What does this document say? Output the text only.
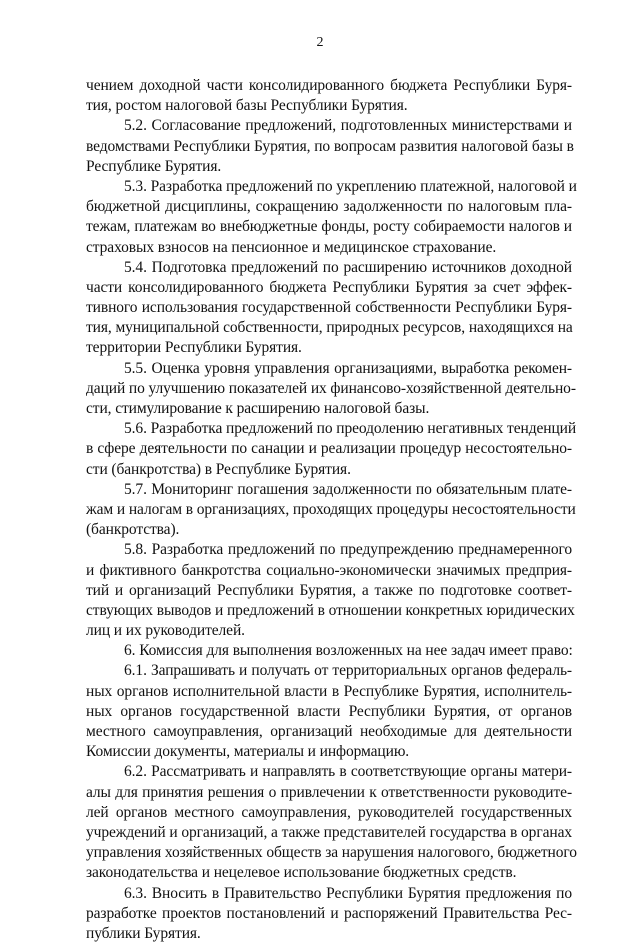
2
чением доходной части консолидированного бюджета Республики Буря-
тия, ростом налоговой базы Республики Бурятия.
5.2. Согласование предложений, подготовленных министерствами и
ведомствами Республики Бурятия, по вопросам развития налоговой базы в
Республике Бурятия.
5.3. Разработка предложений по укреплению платежной, налоговой и
бюджетной дисциплины, сокращению задолженности по налоговым пла-
тежам, платежам во внебюджетные фонды, росту собираемости налогов и
страховых взносов на пенсионное и медицинское страхование.
5.4. Подготовка предложений по расширению источников доходной
части консолидированного бюджета Республики Бурятия за счет эффек-
тивного использования государственной собственности Республики Буря-
тия, муниципальной собственности, природных ресурсов, находящихся на
территории Республики Бурятия.
5.5. Оценка уровня управления организациями, выработка рекомен-
даций по улучшению показателей их финансово-хозяйственной деятельно-
сти, стимулирование к расширению налоговой базы.
5.6. Разработка предложений по преодолению негативных тенденций
в сфере деятельности по санации и реализации процедур несостоятельно-
сти (банкротства) в Республике Бурятия.
5.7. Мониторинг погашения задолженности по обязательным плате-
жам и налогам в организациях, проходящих процедуры несостоятельности
(банкротства).
5.8. Разработка предложений по предупреждению преднамеренного
и фиктивного банкротства социально-экономически значимых предприя-
тий и организаций Республики Бурятия, а также по подготовке соответ-
ствующих выводов и предложений в отношении конкретных юридических
лиц и их руководителей.
6. Комиссия для выполнения возложенных на нее задач имеет право:
6.1. Запрашивать и получать от территориальных органов федераль-
ных органов исполнительной власти в Республике Бурятия, исполнитель-
ных органов государственной власти Республики Бурятия, от органов
местного самоуправления, организаций необходимые для деятельности
Комиссии документы, материалы и информацию.
6.2. Рассматривать и направлять в соответствующие органы матери-
алы для принятия решения о привлечении к ответственности руководите-
лей органов местного самоуправления, руководителей государственных
учреждений и организаций, а также представителей государства в органах
управления хозяйственных обществ за нарушения налогового, бюджетного
законодательства и нецелевое использование бюджетных средств.
6.3. Вносить в Правительство Республики Бурятия предложения по
разработке проектов постановлений и распоряжений Правительства Рес-
публики Бурятия.
